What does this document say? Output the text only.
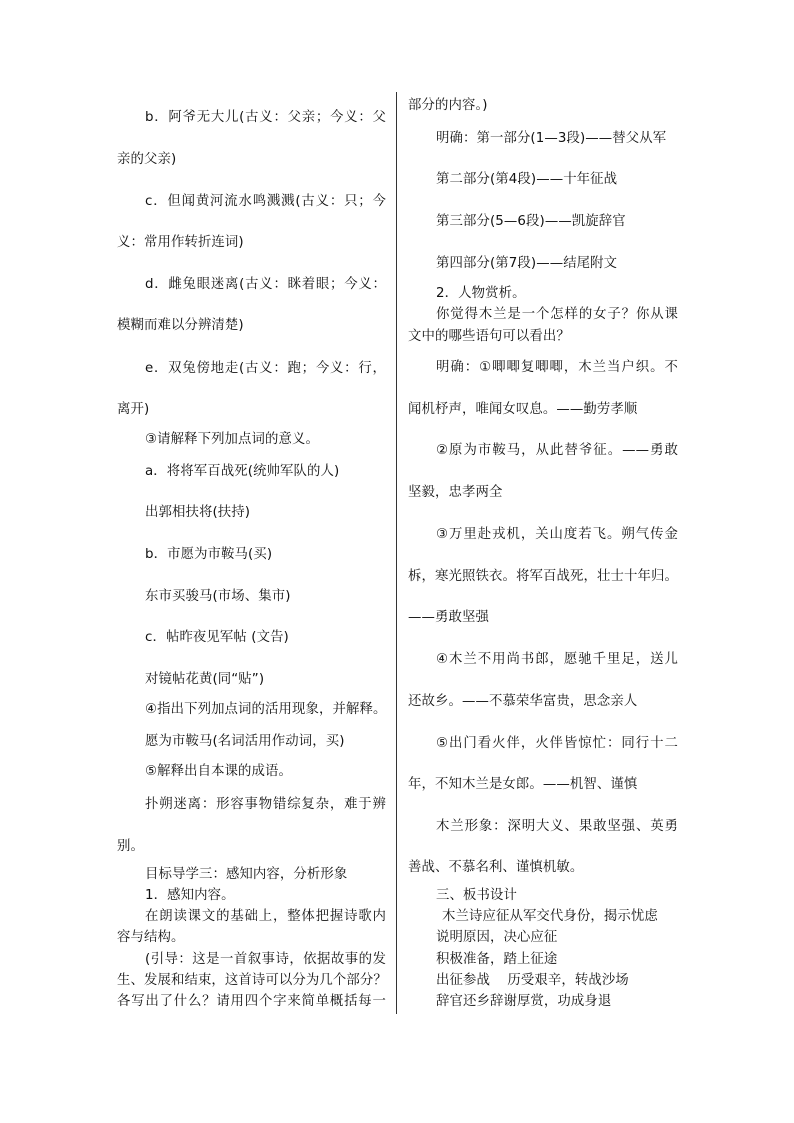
b．阿爷无大儿(古义：父亲；今义：父
亲的父亲)
c．但闻黄河流水鸣溅溅(古义：只；今
义：常用作转折连词)
d．雌兔眼迷离(古义：眯着眼；今义：
模糊而难以分辨清楚)
e．双兔傍地走(古义：跑；今义：行，
离开)
③请解释下列加点词的意义。
a．将将军百战死(统帅军队的人)
出郭相扶将(扶持)
b．市愿为市鞍马(买)
东市买骏马(市场、集市)
c．帖昨夜见军帖 (文告)
对镜帖花黄(同“贴”)
④指出下列加点词的活用现象，并解释。
愿为市鞍马(名词活用作动词，买)
⑤解释出自本课的成语。
扑朔迷离：形容事物错综复杂，难于辨
别。
目标导学三：感知内容，分析形象
1．感知内容。
在朗读课文的基础上，整体把握诗歌内
容与结构。
(引导：这是一首叙事诗，依据故事的发
生、发展和结束，这首诗可以分为几个部分？
各写出了什么？请用四个字来简单概括每一
部分的内容。)
明确：第一部分(1—3段)——替父从军
第二部分(第4段)——十年征战
第三部分(5—6段)——凯旋辞官
第四部分(第7段)——结尾附文
2．人物赏析。
你觉得木兰是一个怎样的女子？你从课
文中的哪些语句可以看出？
明确：①唧唧复唧唧，木兰当户织。不
闻机杼声，唯闻女叹息。——勤劳孝顺
②原为市鞍马，从此替爷征。——勇敢
坚毅，忠孝两全
③万里赴戎机，关山度若飞。朔气传金
柝，寒光照铁衣。将军百战死，壮士十年归。
——勇敢坚强
④木兰不用尚书郎，愿驰千里足，送儿
还故乡。——不慕荣华富贵，思念亲人
⑤出门看火伴，火伴皆惊忙：同行十二
年，不知木兰是女郎。——机智、谨慎
木兰形象：深明大义、果敢坚强、英勇
善战、不慕名利、谨慎机敏。
三、板书设计
木兰诗应征从军交代身份，揭示忧虑
说明原因，决心应征
积极准备，踏上征途
出征参战    历受艰辛，转战沙场
辞官还乡辞谢厚赏，功成身退
